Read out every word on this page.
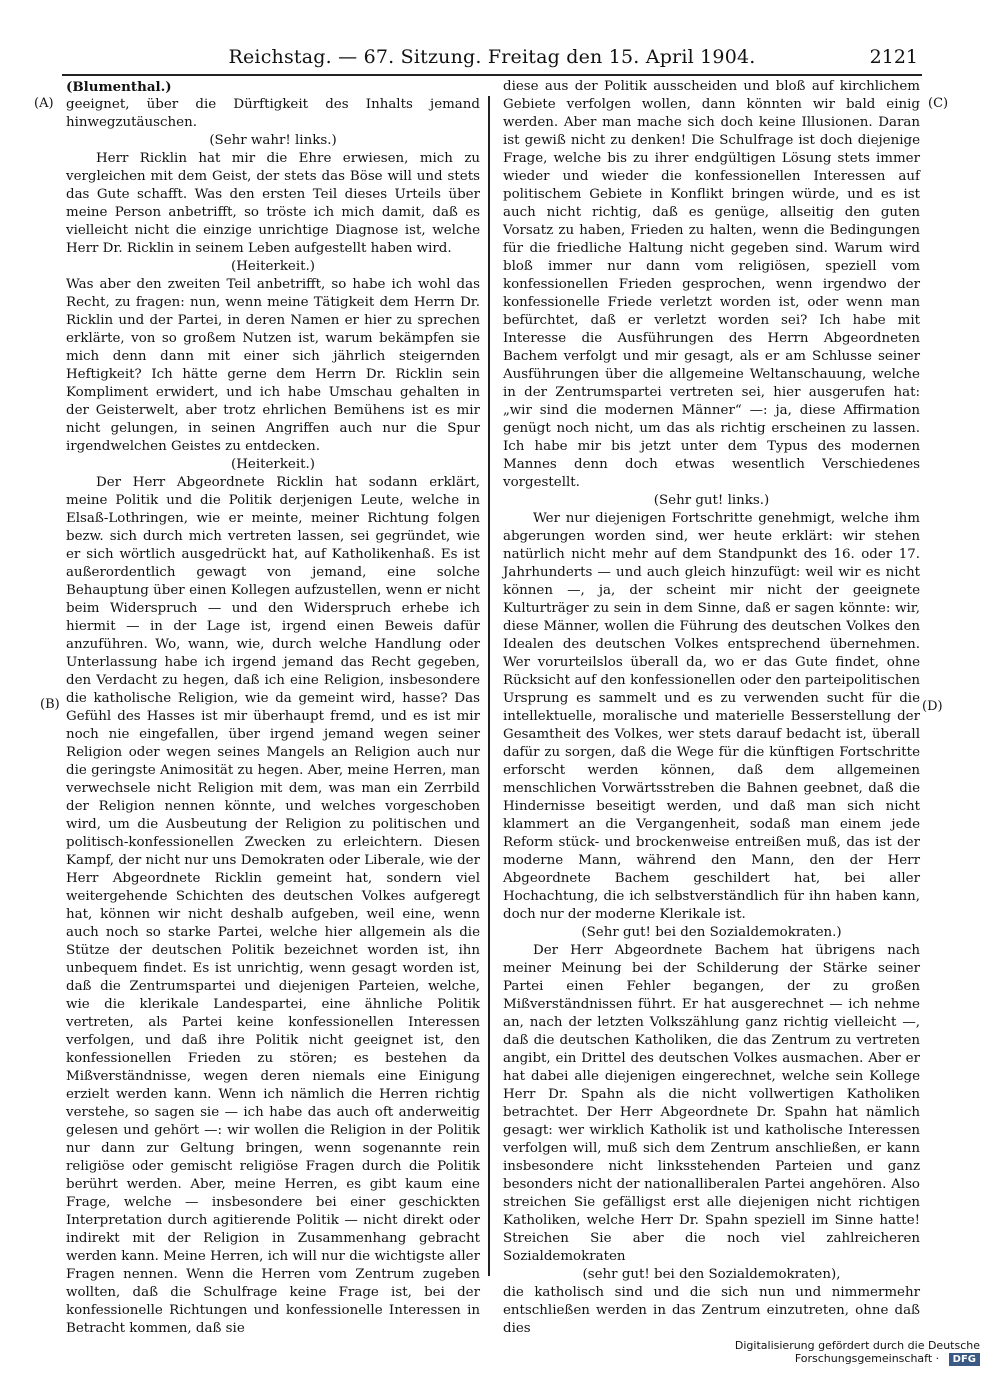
Reichstag. — 67. Sitzung. Freitag den 15. April 1904.	2121
(A)
(B)
(C)
(D)

(Blumenthal.)

geeignet, über die Dürftigkeit des Inhalts jemand hinwegzutäuschen.

(Sehr wahr! links.)

Herr Ricklin hat mir die Ehre erwiesen, mich zu vergleichen mit dem Geist, der stets das Böse will und stets das Gute schafft. Was den ersten Teil dieses Urteils über meine Person anbetrifft, so tröste ich mich damit, daß es vielleicht nicht die einzige unrichtige Diagnose ist, welche Herr Dr. Ricklin in seinem Leben aufgestellt haben wird.

(Heiterkeit.)

Was aber den zweiten Teil anbetrifft, so habe ich wohl das Recht, zu fragen: nun, wenn meine Tätigkeit dem Herrn Dr. Ricklin und der Partei, in deren Namen er hier zu sprechen erklärte, von so großem Nutzen ist, warum bekämpfen sie mich denn dann mit einer sich jährlich steigernden Heftigkeit? Ich hätte gerne dem Herrn Dr. Ricklin sein Kompliment erwidert, und ich habe Umschau gehalten in der Geisterwelt, aber trotz ehrlichen Bemühens ist es mir nicht gelungen, in seinen Angriffen auch nur die Spur irgendwelchen Geistes zu entdecken.

(Heiterkeit.)

Der Herr Abgeordnete Ricklin hat sodann erklärt, meine Politik und die Politik derjenigen Leute, welche in Elsaß-Lothringen, wie er meinte, meiner Richtung folgen bezw. sich durch mich vertreten lassen, sei gegründet, wie er sich wörtlich ausgedrückt hat, auf Katholikenhaß. Es ist außerordentlich gewagt von jemand, eine solche Behauptung über einen Kollegen aufzustellen, wenn er nicht beim Widerspruch — und den Widerspruch erhebe ich hiermit — in der Lage ist, irgend einen Beweis dafür anzuführen. Wo, wann, wie, durch welche Handlung oder Unterlassung habe ich irgend jemand das Recht gegeben, den Verdacht zu hegen, daß ich eine Religion, insbesondere die katholische Religion, wie da gemeint wird, hasse? Das Gefühl des Hasses ist mir überhaupt fremd, und es ist mir noch nie eingefallen, über irgend jemand wegen seiner Religion oder wegen seines Mangels an Religion auch nur die geringste Animosität zu hegen. Aber, meine Herren, man verwechsele nicht Religion mit dem, was man ein Zerrbild der Religion nennen könnte, und welches vorgeschoben wird, um die Ausbeutung der Religion zu politischen und politisch-konfessionellen Zwecken zu erleichtern. Diesen Kampf, der nicht nur uns Demokraten oder Liberale, wie der Herr Abgeordnete Ricklin gemeint hat, sondern viel weitergehende Schichten des deutschen Volkes aufgeregt hat, können wir nicht deshalb aufgeben, weil eine, wenn auch noch so starke Partei, welche hier allgemein als die Stütze der deutschen Politik bezeichnet worden ist, ihn unbequem findet. Es ist unrichtig, wenn gesagt worden ist, daß die Zentrumspartei und diejenigen Parteien, welche, wie die klerikale Landespartei, eine ähnliche Politik vertreten, als Partei keine konfessionellen Interessen verfolgen, und daß ihre Politik nicht geeignet ist, den konfessionellen Frieden zu stören; es bestehen da Mißverständnisse, wegen deren niemals eine Einigung erzielt werden kann. Wenn ich nämlich die Herren richtig verstehe, so sagen sie — ich habe das auch oft anderweitig gelesen und gehört —: wir wollen die Religion in der Politik nur dann zur Geltung bringen, wenn sogenannte rein religiöse oder gemischt religiöse Fragen durch die Politik berührt werden. Aber, meine Herren, es gibt kaum eine Frage, welche — insbesondere bei einer geschickten Interpretation durch agitierende Politik — nicht direkt oder indirekt mit der Religion in Zusammenhang gebracht werden kann. Meine Herren, ich will nur die wichtigste aller Fragen nennen. Wenn die Herren vom Zentrum zugeben wollten, daß die Schulfrage keine Frage ist, bei der konfessionelle Richtungen und konfessionelle Interessen in Betracht kommen, daß sie

diese aus der Politik ausscheiden und bloß auf kirchlichem Gebiete verfolgen wollen, dann könnten wir bald einig werden. Aber man mache sich doch keine Illusionen. Daran ist gewiß nicht zu denken! Die Schulfrage ist doch diejenige Frage, welche bis zu ihrer endgültigen Lösung stets immer wieder und wieder die konfessionellen Interessen auf politischem Gebiete in Konflikt bringen würde, und es ist auch nicht richtig, daß es genüge, allseitig den guten Vorsatz zu haben, Frieden zu halten, wenn die Bedingungen für die friedliche Haltung nicht gegeben sind. Warum wird bloß immer nur dann vom religiösen, speziell vom konfessionellen Frieden gesprochen, wenn irgendwo der konfessionelle Friede verletzt worden ist, oder wenn man befürchtet, daß er verletzt worden sei? Ich habe mit Interesse die Ausführungen des Herrn Abgeordneten Bachem verfolgt und mir gesagt, als er am Schlusse seiner Ausführungen über die allgemeine Weltanschauung, welche in der Zentrumspartei vertreten sei, hier ausgerufen hat: „wir sind die modernen Männer“ —: ja, diese Affirmation genügt noch nicht, um das als richtig erscheinen zu lassen. Ich habe mir bis jetzt unter dem Typus des modernen Mannes denn doch etwas wesentlich Verschiedenes vorgestellt.

(Sehr gut! links.)

Wer nur diejenigen Fortschritte genehmigt, welche ihm abgerungen worden sind, wer heute erklärt: wir stehen natürlich nicht mehr auf dem Standpunkt des 16. oder 17. Jahrhunderts — und auch gleich hinzufügt: weil wir es nicht können —, ja, der scheint mir nicht der geeignete Kulturträger zu sein in dem Sinne, daß er sagen könnte: wir, diese Männer, wollen die Führung des deutschen Volkes den Idealen des deutschen Volkes entsprechend übernehmen. Wer vorurteilslos überall da, wo er das Gute findet, ohne Rücksicht auf den konfessionellen oder den parteipolitischen Ursprung es sammelt und es zu verwenden sucht für die intellektuelle, moralische und materielle Besserstellung der Gesamtheit des Volkes, wer stets darauf bedacht ist, überall dafür zu sorgen, daß die Wege für die künftigen Fortschritte erforscht werden können, daß dem allgemeinen menschlichen Vorwärtsstreben die Bahnen geebnet, daß die Hindernisse beseitigt werden, und daß man sich nicht klammert an die Vergangenheit, sodaß man einem jede Reform stück- und brockenweise entreißen muß, das ist der moderne Mann, während den Mann, den der Herr Abgeordnete Bachem geschildert hat, bei aller Hochachtung, die ich selbstverständlich für ihn haben kann, doch nur der moderne Klerikale ist.

(Sehr gut! bei den Sozialdemokraten.)

Der Herr Abgeordnete Bachem hat übrigens nach meiner Meinung bei der Schilderung der Stärke seiner Partei einen Fehler begangen, der zu großen Mißverständnissen führt. Er hat ausgerechnet — ich nehme an, nach der letzten Volkszählung ganz richtig vielleicht —, daß die deutschen Katholiken, die das Zentrum zu vertreten angibt, ein Drittel des deutschen Volkes ausmachen. Aber er hat dabei alle diejenigen eingerechnet, welche sein Kollege Herr Dr. Spahn als die nicht vollwertigen Katholiken betrachtet. Der Herr Abgeordnete Dr. Spahn hat nämlich gesagt: wer wirklich Katholik ist und katholische Interessen verfolgen will, muß sich dem Zentrum anschließen, er kann insbesondere nicht linksstehenden Parteien und ganz besonders nicht der nationalliberalen Partei angehören. Also streichen Sie gefälligst erst alle diejenigen nicht richtigen Katholiken, welche Herr Dr. Spahn speziell im Sinne hatte! Streichen Sie aber die noch viel zahlreicheren Sozialdemokraten

(sehr gut! bei den Sozialdemokraten),

die katholisch sind und die sich nun und nimmermehr entschließen werden in das Zentrum einzutreten, ohne daß dies

Digitalisierung gefördert durch die Deutsche Forschungsgemeinschaft · DFG
